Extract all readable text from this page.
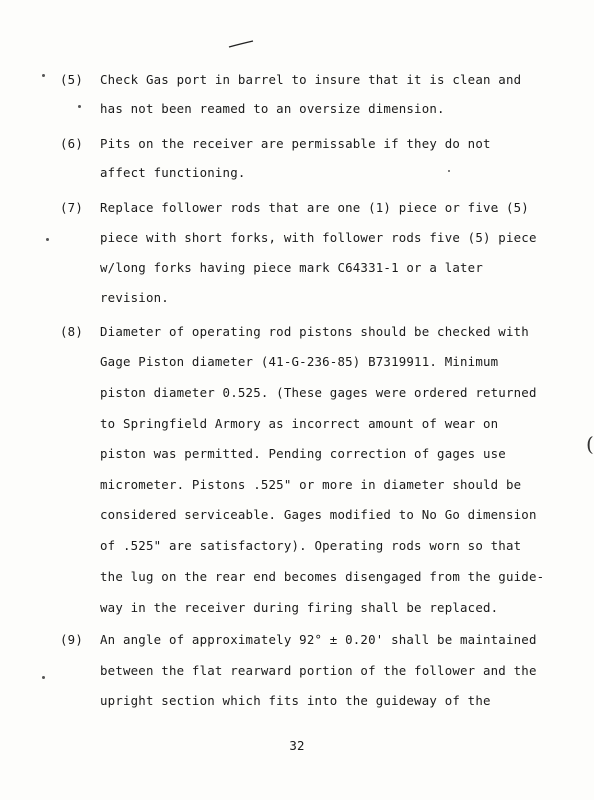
(
(5)	Check Gas port in barrel to insure that it is clean and
has not been reamed to an oversize dimension.
(6)	Pits on the receiver are permissable if they do not
affect functioning.
(7)	Replace follower rods that are one (1) piece or five (5)
piece with short forks, with follower rods five (5) piece
w/long forks having piece mark C64331-1 or a later
revision.
(8)	Diameter of operating rod pistons should be checked with
Gage Piston diameter (41-G-236-85) B7319911. Minimum
piston diameter 0.525. (These gages were ordered returned
to Springfield Armory as incorrect amount of wear on
piston was permitted. Pending correction of gages use
micrometer. Pistons .525" or more in diameter should be
considered serviceable. Gages modified to No Go dimension
of .525" are satisfactory). Operating rods worn so that
the lug on the rear end becomes disengaged from the guide-
way in the receiver during firing shall be replaced.
(9)	An angle of approximately 92° ± 0.20' shall be maintained
between the flat rearward portion of the follower and the
upright section which fits into the guideway of the
32
